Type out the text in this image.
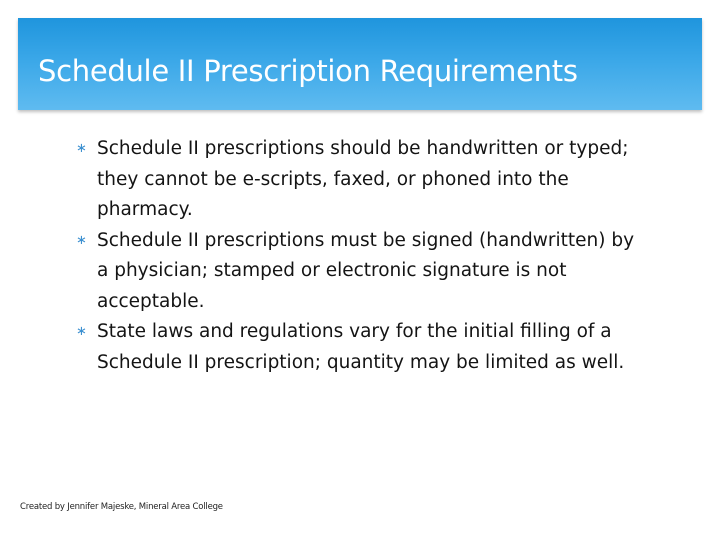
Schedule II Prescription Requirements
∗ Schedule II prescriptions should be handwritten or typed; they cannot be e-scripts, faxed, or phoned into the pharmacy.
∗ Schedule II prescriptions must be signed (handwritten) by a physician; stamped or electronic signature is not acceptable.
∗ State laws and regulations vary for the initial filling of a Schedule II prescription; quantity may be limited as well.
Created by Jennifer Majeske, Mineral Area College
